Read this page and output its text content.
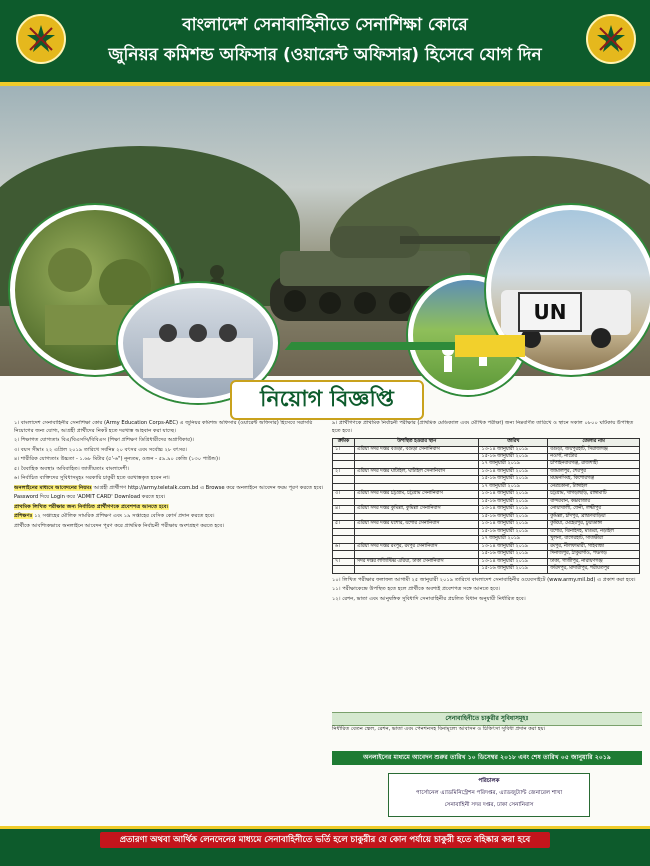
বাংলাদেশ সেনাবাহিনীতে সেনাশিক্ষা কোরে
জুনিয়র কমিশন্ড অফিসার (ওয়ারেন্ট অফিসার) হিসেবে যোগ দিন
UN
নিয়োগ বিজ্ঞপ্তি

১। বাংলাদেশ সেনাবাহিনীর সেনাশিক্ষা কোর (Army Education Corps-AEC) এ জুনিয়র কমিশন্ড অফিসার (ওয়ারেন্ট অফিসার) হিসেবে সরাসরি নিয়োগের জন্য যোগ্য, আগ্রহী প্রার্থীদের নিকট হতে দরখাস্ত আহবান করা যাচ্ছে।

২। শিক্ষাগত যোগ্যতাঃ বিএ/বিএসসি/বিবিএস (শিক্ষা প্রশিক্ষণ ডিগ্রিধারীদের অগ্রাধিকার)।

৩। বয়স সীমাঃ ২২ এপ্রিল ২০১৯ তারিখে সর্বনিম্ন ২০ বৎসর এবং সর্বোচ্চ ২৮ বৎসর।

৪। শারীরিক যোগ্যতাঃ উচ্চতা - ১.৬৮ মিটার (৫'-৬") নূন্যতম, ওজন - ৫৯.৯০ কেজি (১৩০ পাউন্ড)।

৫। বৈবাহিক অবস্থাঃ অবিবাহিত। জাতীয়তাঃ বাংলাদেশী।

৬। নির্বাচিত ব্যক্তিদের সুবিধাসমূহঃ সরকারি চাকুরী হতে বরখাস্তকৃত হবেন না।

অনলাইনের মাধ্যমে আবেদনের নিয়মঃ আগ্রহী প্রার্থীগণ http://army.teletalk.com.bd এ Browse করে অনলাইনে আবেদন ফরম পূরণ করতে হবে।

Password দিয়ে Login করে 'ADMIT CARD' Download করতে হবে।

প্রাথমিক লিখিত পরীক্ষার জন্য নির্বাচিত প্রার্থীগণকে প্রবেশপত্র আনতে হবে।

প্রশিক্ষণঃ ১২ সপ্তাহের মৌলিক সামরিক প্রশিক্ষণ এবং ১৯ সপ্তাহের বেসিক কোর্স প্রদান করতে হবে।

প্রার্থীকে আবশ্যিকভাবে অনলাইনে আবেদন পূরণ করে প্রাথমিক নির্বাচনী পরীক্ষায় অংশগ্রহণ করতে হবে।

৯। প্রার্থীগণকে প্রাথমিক নির্বাচনী পরীক্ষার (প্রাথমিক মেডিক্যাল এবং মৌখিক পরীক্ষা) জন্য নিম্নবর্ণিত তারিখে ও স্থানে সকাল ০৮০০ ঘটিকায় উপস্থিত হতে হবে।

ক্রমিক	উপস্থিত হওয়ার স্থান	তারিখ	জেলার নাম
১।	এরিয়া সদর দপ্তর বগুড়া, বগুড়া সেনানিবাস	১৩-১৪ জানুয়ারী ২০১৯	বগুড়া, জয়পুরহাট, সিরাজগঞ্জ
		১৫-১৬ জানুয়ারী ২০১৯	নওগাঁ, নাটোর
		১৭ জানুয়ারী ২০১৯	চাঁপাইনবাবগঞ্জ, রাজশাহী
২।	এরিয়া সদর দপ্তর ঘাটাইল, ঘাটাইল সেনানিবাস	১৩-১৪ জানুয়ারী ২০১৯	জামালপুর, শেরপুর
		১৫-১৬ জানুয়ারী ২০১৯	ময়মনসিংহ, কিশোরগঞ্জ
		১৭ জানুয়ারী ২০১৯	নেত্রকোনা, টাঙ্গাইল
৩।	এরিয়া সদর দপ্তর চট্টগ্রাম, চট্টগ্রাম সেনানিবাস	১৩-১৪ জানুয়ারী ২০১৯	চট্টগ্রাম, খাগড়াছড়ি, রাঙ্গামাটি
		১৫-১৬ জানুয়ারী ২০১৯	বান্দরবান, কক্সবাজার
৪।	এরিয়া সদর দপ্তর কুমিল্লা, কুমিল্লা সেনানিবাস	১৩-১৪ জানুয়ারী ২০১৯	নোয়াখালী, ফেনী, লক্ষ্মীপুর
		১৫-১৬ জানুয়ারী ২০১৯	কুমিল্লা, চাঁদপুর, ব্রাহ্মণবাড়িয়া
৫।	এরিয়া সদর দপ্তর যশোর, যশোর সেনানিবাস	১৩-১৪ জানুয়ারী ২০১৯	কুষ্টিয়া, মেহেরপুর, চুয়াডাঙ্গা
		১৫-১৬ জানুয়ারী ২০১৯	যশোর, ঝিনাইদহ, মাগুরা, নড়াইল
		১৭ জানুয়ারী ২০১৯	খুলনা, বাগেরহাট, সাতক্ষীরা
৬।	এরিয়া সদর দপ্তর রংপুর, রংপুর সেনানিবাস	১৩-১৪ জানুয়ারী ২০১৯	রংপুর, নীলফামারী, গাইবান্ধা
		১৫-১৬ জানুয়ারী ২০১৯	দিনাজপুর, ঠাকুরগাঁও, পঞ্চগড়
৭।	সদর দপ্তর লজিস্টিক্স এরিয়া, ঢাকা সেনানিবাস	১৩-১৪ জানুয়ারী ২০১৯	ঢাকা, গাজীপুর, নারায়ণগঞ্জ
		১৫-১৬ জানুয়ারী ২০১৯	ফরিদপুর, মাদারীপুর, শরীয়তপুর

১০। লিখিত পরীক্ষার ফলাফল আগামী ২৫ জানুয়ারী ২০১৯ তারিখে বাংলাদেশ সেনাবাহিনীর ওয়েবসাইটে (www.army.mil.bd) এ প্রকাশ করা হবে।

১১। পরীক্ষাকেন্দ্রে উপস্থিত হতে হলে প্রার্থীকে অবশ্যই প্রবেশপত্র সঙ্গে আনতে হবে।

১২। রেশন, ভাতা এবং আনুষঙ্গিক সুবিধাদি সেনাবাহিনীর প্রচলিত বিধান অনুযায়ী নির্ধারিত হবে।

সেনাবাহিনীতে চাকুরীর সুবিধাসমূহঃ
নির্ধারিত বেতন স্কেল, রেশন, ভাতা এবং পেনশনসহ বিনামূল্যে আবাসন ও চিকিৎসা সুবিধা প্রদান করা হয়।
অনলাইনের মাধ্যমে আবেদন শুরুর তারিখ ১০ ডিসেম্বর ২০১৮ এবং শেষ তারিখ ০৫ জানুয়ারি ২০১৯
পরিচালক
পার্সোনেল এ্যাডমিনিস্ট্রেশন পরিদপ্তর, এ্যাডজুট্যান্ট জেনারেল শাখা
সেনাবাহিনী সদর দপ্তর, ঢাকা সেনানিবাস
প্রতারণা অথবা আর্থিক লেনদেনের মাধ্যমে সেনাবাহিনীতে ভর্তি হলে চাকুরীর যে কোন পর্যায়ে চাকুরী হতে বহিষ্কার করা হবে
